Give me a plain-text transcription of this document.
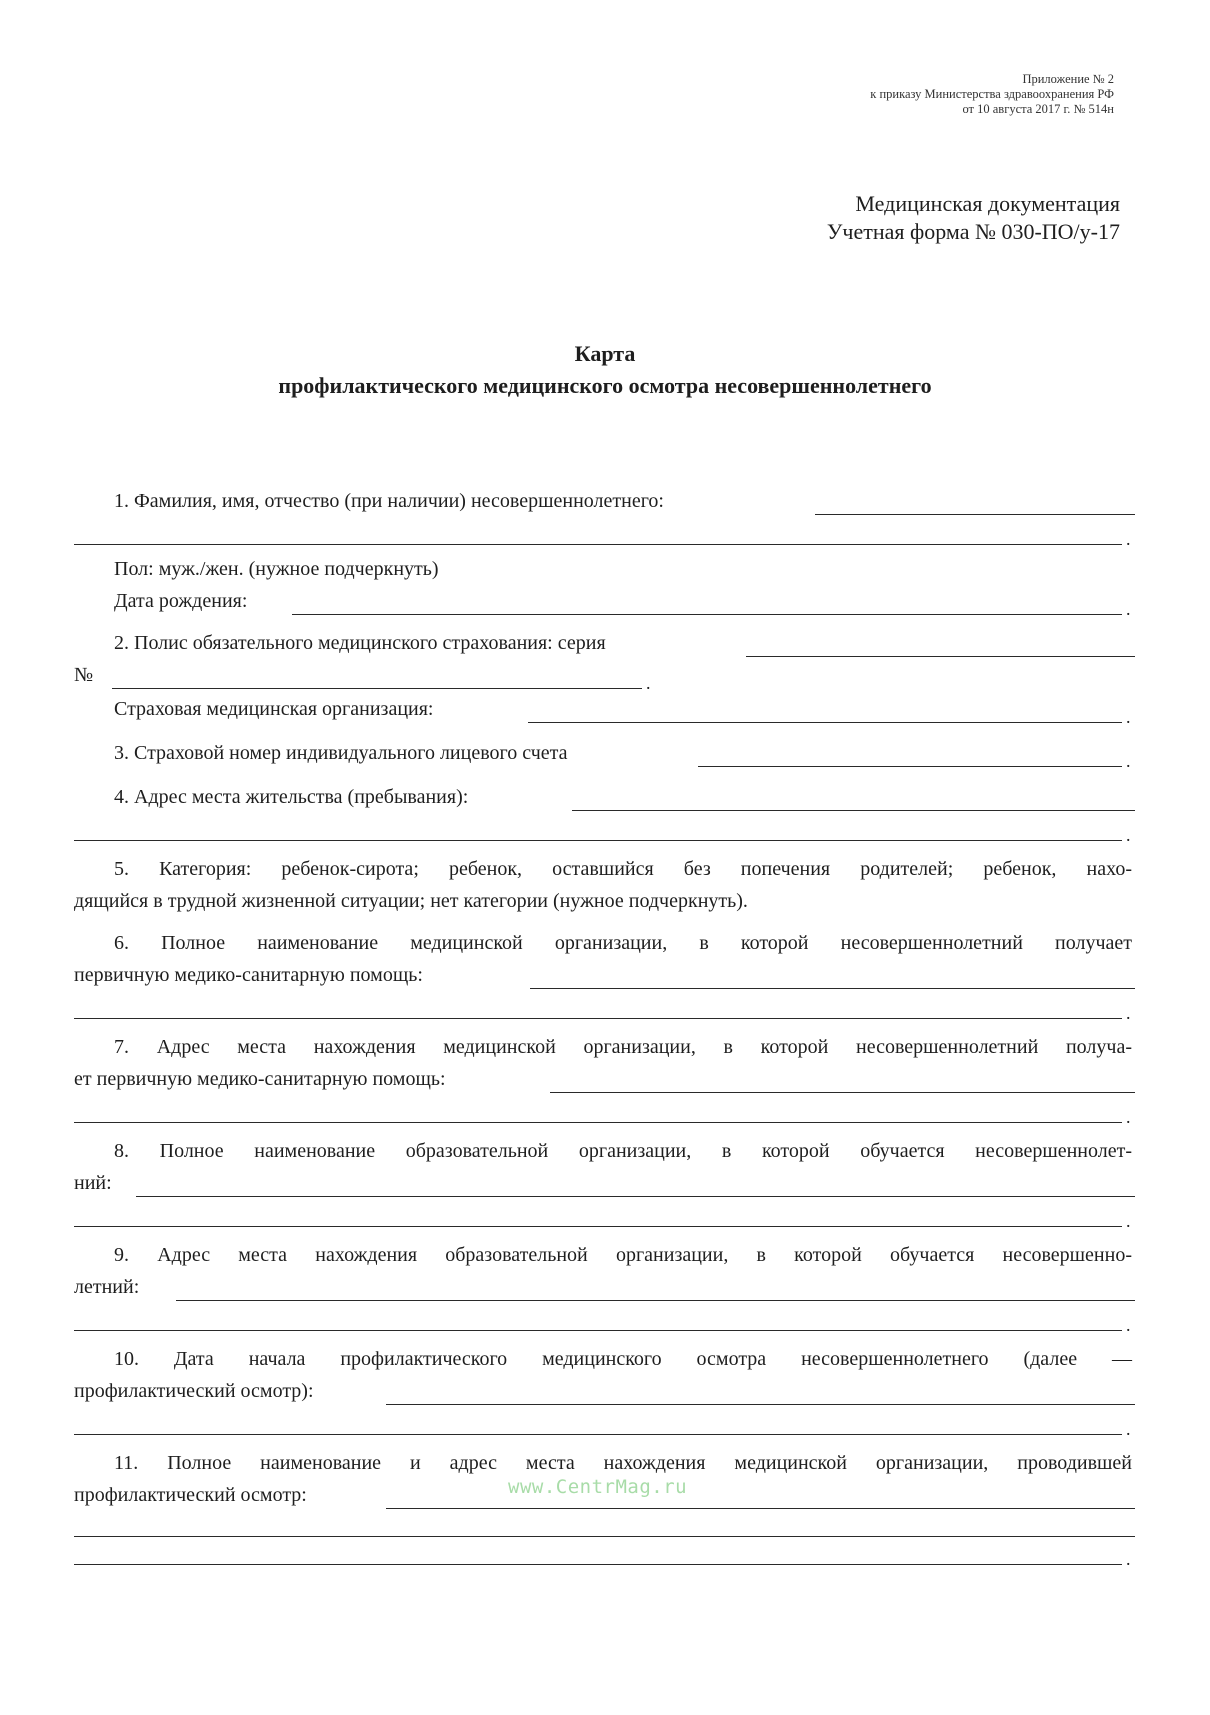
Приложение № 2
к приказу Министерства здравоохранения РФ
от 10 августа 2017 г. № 514н
Медицинская документация
Учетная форма № 030-ПО/у-17
Карта
профилактического медицинского осмотра несовершеннолетнего
1. Фамилия, имя, отчество (при наличии) несовершеннолетнего:
.
Пол: муж./жен. (нужное подчеркнуть)
Дата рождения:	.
2. Полис обязательного медицинского страхования: серия
№	.
Страховая медицинская организация:	.
3. Страховой номер индивидуального лицевого счета	.
4. Адрес места жительства (пребывания):
.
5. Категория: ребенок-сирота; ребенок, оставшийся без попечения родителей; ребенок, нахо-
дящийся в трудной жизненной ситуации; нет категории (нужное подчеркнуть).
6. Полное наименование медицинской организации, в которой несовершеннолетний получает
первичную медико-санитарную помощь:
.
7. Адрес места нахождения медицинской организации, в которой несовершеннолетний получа-
ет первичную медико-санитарную помощь:
.
8. Полное наименование образовательной организации, в которой обучается несовершеннолет-
ний:
.
9. Адрес места нахождения образовательной организации, в которой обучается несовершенно-
летний:
.
10. Дата начала профилактического медицинского осмотра несовершеннолетнего (далее —
профилактический осмотр):
.
11. Полное наименование и адрес места нахождения медицинской организации, проводившей
профилактический осмотр:
.
www.CentrMag.ru
